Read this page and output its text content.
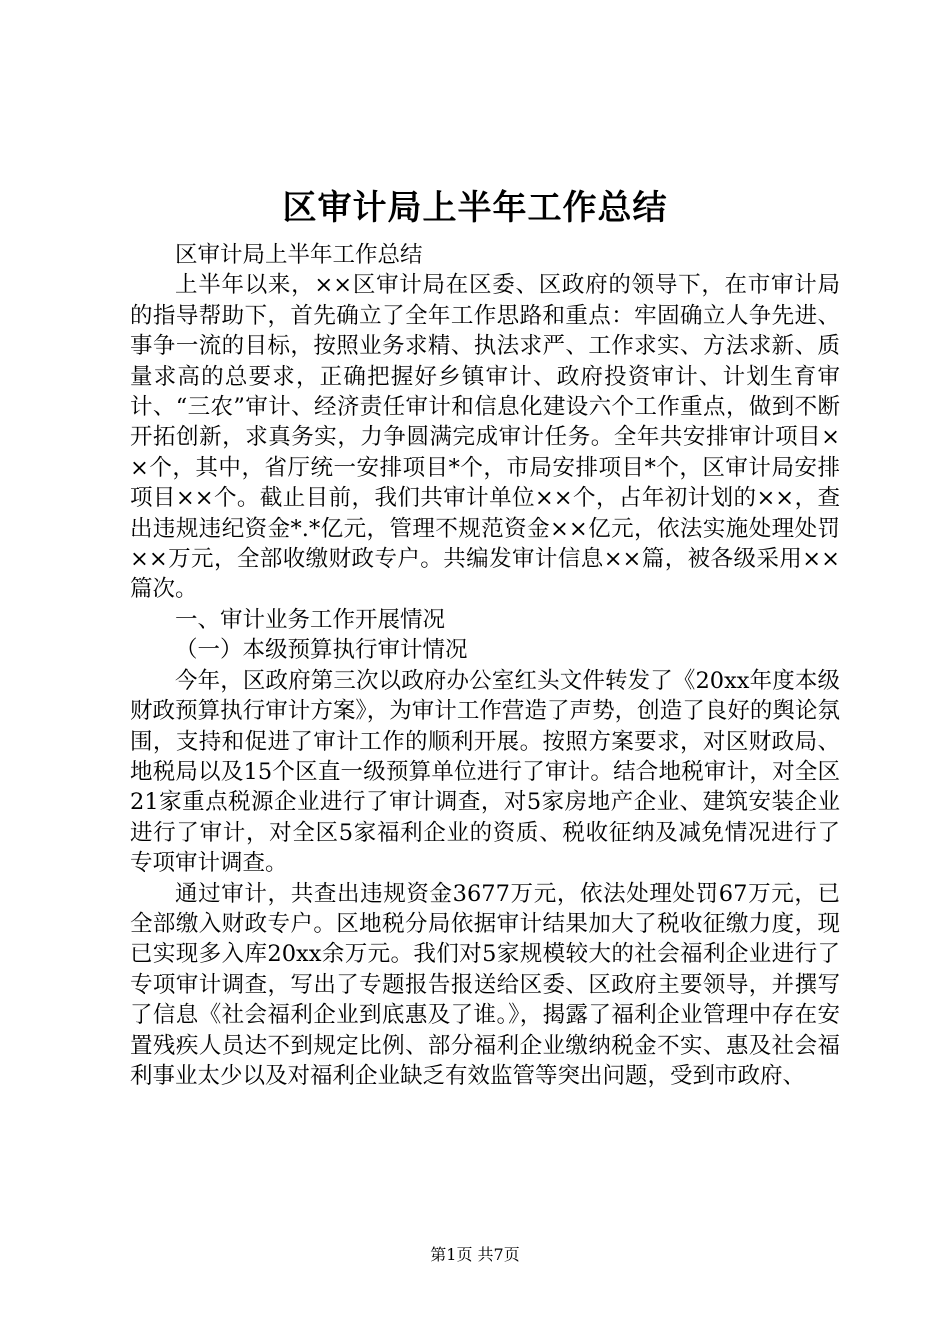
区审计局上半年工作总结

区审计局上半年工作总结

上半年以来，××区审计局在区委、区政府的领导下，在市审计局的指导帮助下，首先确立了全年工作思路和重点：牢固确立人争先进、事争一流的目标，按照业务求精、执法求严、工作求实、方法求新、质量求高的总要求，正确把握好乡镇审计、政府投资审计、计划生育审计、“三农”审计、经济责任审计和信息化建设六个工作重点，做到不断开拓创新，求真务实，力争圆满完成审计任务。全年共安排审计项目××个，其中，省厅统一安排项目*个，市局安排项目*个，区审计局安排项目××个。截止目前，我们共审计单位××个，占年初计划的××，查出违规违纪资金*.*亿元，管理不规范资金××亿元，依法实施处理处罚××万元，全部收缴财政专户。共编发审计信息××篇，被各级采用××篇次。

一、审计业务工作开展情况

（一）本级预算执行审计情况

今年，区政府第三次以政府办公室红头文件转发了《20xx年度本级财政预算执行审计方案》，为审计工作营造了声势，创造了良好的舆论氛围，支持和促进了审计工作的顺利开展。按照方案要求，对区财政局、地税局以及15个区直一级预算单位进行了审计。结合地税审计，对全区21家重点税源企业进行了审计调查，对5家房地产企业、建筑安装企业进行了审计，对全区5家福利企业的资质、税收征纳及减免情况进行了专项审计调查。

通过审计，共查出违规资金3677万元，依法处理处罚67万元，已全部缴入财政专户。区地税分局依据审计结果加大了税收征缴力度，现已实现多入库20xx余万元。我们对5家规模较大的社会福利企业进行了专项审计调查，写出了专题报告报送给区委、区政府主要领导，并撰写了信息《社会福利企业到底惠及了谁。》，揭露了福利企业管理中存在安置残疾人员达不到规定比例、部分福利企业缴纳税金不实、惠及社会福利事业太少以及对福利企业缺乏有效监管等突出问题，受到市政府、

第1页 共7页
